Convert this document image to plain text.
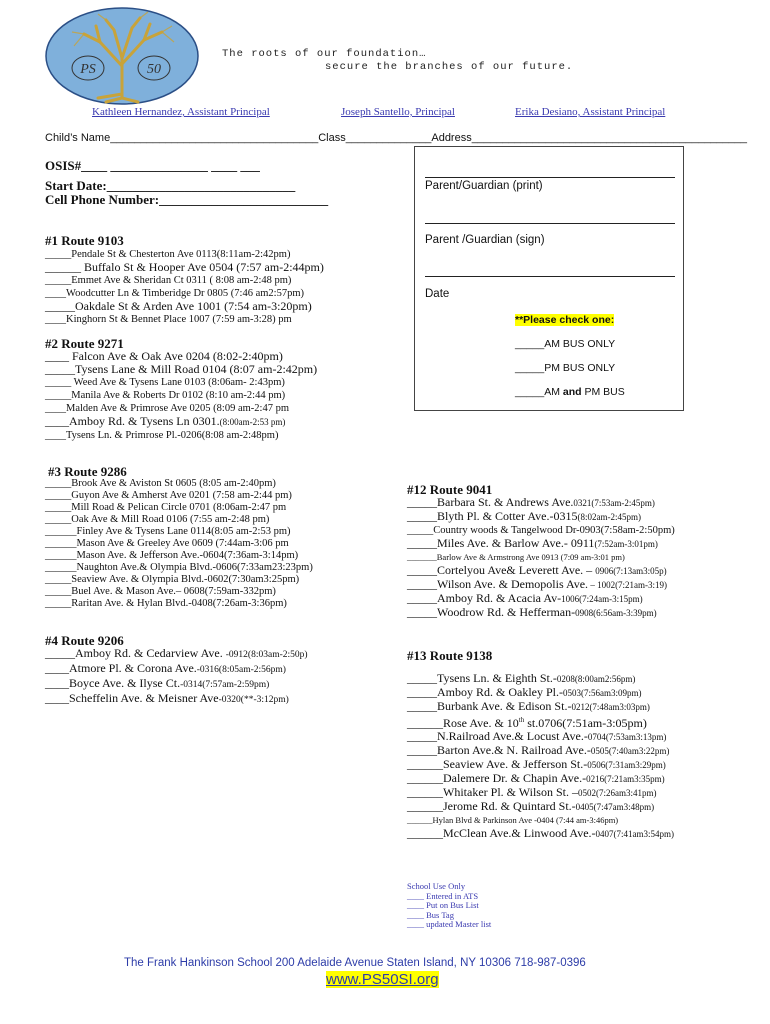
PS	50
The roots of our foundation…
secure the branches of our future.
Kathleen Hernandez, Assistant Principal	Joseph Santello, Principal	Erika Desiano, Assistant Principal
Child’s Name__________________________________Class______________Address_____________________________________________
OSIS#____ _______________ ____ ___
Start Date:_____________________________
Cell Phone Number:__________________________
Parent/Guardian (print)
Parent /Guardian (sign)
Date
**Please check one:
_____AM BUS ONLY
_____PM BUS ONLY
_____AM and PM BUS
#1 Route 9103
_____Pendale St & Chesterton Ave 0113(8:11am-2:42pm)
______ Buffalo St & Hooper Ave 0504 (7:57 am-2:44pm)
_____Emmet Ave & Sheridan Ct 0311 ( 8:08 am-2:48 pm)
____Woodcutter Ln & Timberidge Dr 0805 (7:46 am2:57pm)
_____Oakdale St & Arden Ave 1001 (7:54 am-3:20pm)
____Kinghorn St & Bennet Place 1007 (7:59 am-3:28) pm
#2 Route 9271
____ Falcon Ave & Oak Ave 0204 (8:02-2:40pm)
_____Tysens Lane & Mill Road 0104 (8:07 am-2:42pm)
_____ Weed Ave & Tysens Lane 0103 (8:06am- 2:43pm)
_____Manila Ave & Roberts Dr 0102 (8:10 am-2:44 pm)
____Malden Ave & Primrose Ave 0205 (8:09 am-2:47 pm
____Amboy Rd. & Tysens Ln 0301.(8:00am-2:53 pm)
____Tysens Ln. & Primrose Pl.-0206(8:08 am-2:48pm)
#3 Route 9286
_____Brook Ave & Aviston St 0605 (8:05 am-2:40pm)
_____Guyon Ave & Amherst Ave 0201 (7:58 am-2:44 pm)
_____Mill Road & Pelican Circle 0701 (8:06am-2:47 pm
_____Oak Ave & Mill Road 0106 (7:55 am-2:48 pm)
______Finley Ave & Tysens Lane 0114(8:05 am-2:53 pm)
______Mason Ave & Greeley Ave 0609 (7:44am-3:06 pm
______Mason Ave. & Jefferson Ave.-0604(7:36am-3:14pm)
______Naughton Ave.& Olympia Blvd.-0606(7:33am23:23pm)
_____Seaview Ave. & Olympia Blvd.-0602(7:30am3:25pm)
_____Buel Ave. & Mason Ave.– 0608(7:59am-332pm)
_____Raritan Ave. & Hylan Blvd.-0408(7:26am-3:36pm)
#4 Route 9206
_____Amboy Rd. & Cedarview Ave. -0912(8:03am-2:50p)
____Atmore Pl. & Corona Ave.-0316(8:05am-2:56pm)
____Boyce Ave. & Ilyse Ct.-0314(7:57am-2:59pm)
____Scheffelin Ave. & Meisner Ave-0320(**-3:12pm)
#12 Route 9041
_____Barbara St. & Andrews Ave.0321(7:53am-2:45pm)
_____Blyth Pl. & Cotter Ave.-0315(8:02am-2:45pm)
_____Country woods & Tangelwood Dr-0903(7:58am-2:50pm)
_____Miles Ave. & Barlow Ave.- 0911(7:52am-3:01pm)
_______Barlow Ave & Armstrong Ave 0913 (7:09 am-3:01 pm)
_____Cortelyou Ave& Leverett Ave. – 0906(7:13am3:05p)
_____Wilson Ave. & Demopolis Ave. – 1002(7:21am-3:19)
_____Amboy Rd. & Acacia Av-1006(7:24am-3:15pm)
_____Woodrow Rd. & Hefferman-0908(6:56am-3:39pm)
#13 Route 9138
_____Tysens Ln. & Eighth St.-0208(8:00am2:56pm)
_____Amboy Rd. & Oakley Pl.-0503(7:56am3:09pm)
_____Burbank Ave. & Edison St.-0212(7:48am3:03pm)
______Rose Ave. & 10th st.0706(7:51am-3:05pm)
_____N.Railroad Ave.& Locust Ave.-0704(7:53am3:13pm)
_____Barton Ave.& N. Railroad Ave.-0505(7:40am3:22pm)
______Seaview Ave. & Jefferson St.-0506(7:31am3:29pm)
______Dalemere Dr. & Chapin Ave.-0216(7:21am3:35pm)
______Whitaker Pl. & Wilson St. –0502(7:26am3:41pm)
______Jerome Rd. & Quintard St.-0405(7:47am3:48pm)
______Hylan Blvd & Parkinson Ave -0404 (7:44 am-3:46pm)
______McClean Ave.& Linwood Ave.-0407(7:41am3:54pm)
School Use Only
____ Entered in ATS
____ Put on Bus List
____ Bus Tag
____ updated Master list
The Frank Hankinson School 200 Adelaide Avenue Staten Island, NY 10306 718-987-0396
www.PS50SI.org
